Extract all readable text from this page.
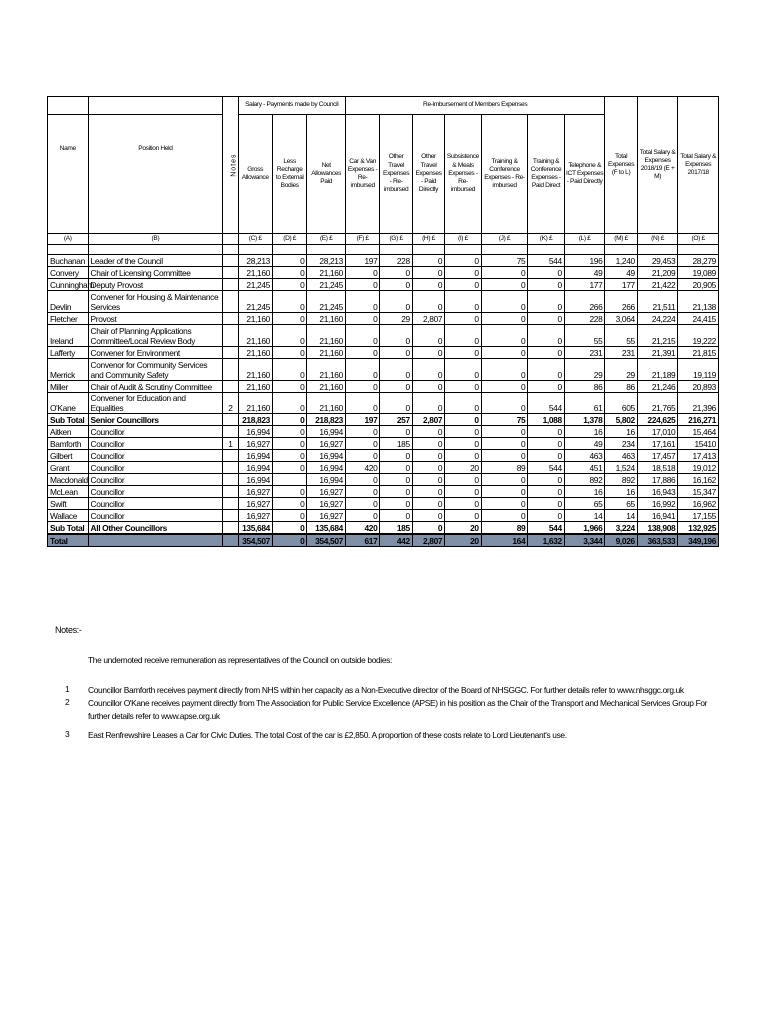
		Notes	Salary - Payments made by Council			Re-imbursement of Members Expenses							Total Expenses (F to L)	Total Salary & Expenses 2018/19 (E + M)	Total Salary & Expenses 2017/18
Name	Position Held		Gross Allowance	Less Recharge to External Bodies	Net Allowances Paid	Car & Van Expenses - Re-imbursed	Other Travel Expenses - Re-imbursed	Other Travel Expenses - Paid Directly	Subsistence & Meals Expenses - Re-imbursed	Training & Conference Expenses - Re-imbursed	Training & Conference Expenses - Paid Direct	Telephone & ICT Expenses - Paid Directly			
(A)	(B)		(C) £	(D) £	(E) £	(F) £	(G) £	(H) £	(I) £	(J) £	(K) £	(L) £	(M) £	(N) £	(O) £

Buchanan	Leader of the Council		28,213	0	28,213	197	228	0	0	75	544	196	1,240	29,453	28,279
Convery	Chair of Licensing Committee		21,160	0	21,160	0	0	0	0	0	0	49	49	21,209	19,089
Cunningham	Deputy Provost		21,245	0	21,245	0	0	0	0	0	0	177	177	21,422	20,905
Devlin	Convener for Housing & Maintenance Services		21,245	0	21,245	0	0	0	0	0	0	266	266	21,511	21,138
Fletcher	Provost		21,160	0	21,160	0	29	2,807	0	0	0	228	3,064	24,224	24,415
Ireland	Chair of Planning Applications Committee/Local Review Body		21,160	0	21,160	0	0	0	0	0	0	55	55	21,215	19,222
Lafferty	Convener for Environment		21,160	0	21,160	0	0	0	0	0	0	231	231	21,391	21,815
Merrick	Convenor for Community Services and Community Safety		21,160	0	21,160	0	0	0	0	0	0	29	29	21,189	19,119
Miller	Chair of Audit & Scrutiny Committee		21,160	0	21,160	0	0	0	0	0	0	86	86	21,246	20,893
O'Kane	Convener for Education and Equalities	2	21,160	0	21,160	0	0	0	0	0	544	61	605	21,765	21,396
Sub Total	Senior Councillors		218,823	0	218,823	197	257	2,807	0	75	1,088	1,378	5,802	224,625	216,271
Aitken	Councillor		16,994	0	16,994	0	0	0	0	0	0	16	16	17,010	15,464
Bamforth	Councillor	1	16,927	0	16,927	0	185	0	0	0	0	49	234	17,161	15410
Gilbert	Councillor		16,994	0	16,994	0	0	0	0	0	0	463	463	17,457	17,413
Grant	Councillor		16,994	0	16,994	420	0	0	20	89	544	451	1,524	18,518	19,012
Macdonald	Councillor		16,994		16,994	0	0	0	0	0	0	892	892	17,886	16,162
McLean	Councillor		16,927	0	16,927	0	0	0	0	0	0	16	16	16,943	15,347
Swift	Councillor		16,927	0	16,927	0	0	0	0	0	0	65	65	16,992	16,962
Wallace	Councillor		16,927	0	16,927	0	0	0	0	0	0	14	14	16,941	17,155
Sub Total	All Other Councillors		135,684	0	135,684	420	185	0	20	89	544	1,966	3,224	138,908	132,925
Total			354,507	0	354,507	617	442	2,807	20	164	1,632	3,344	9,026	363,533	349,196
Notes:-
The undernoted receive remuneration as representatives of the Council on outside bodies:
1 Councillor Bamforth receives payment directly from NHS within her capacity as a Non-Executive director of the Board of NHSGGC. For further details refer to www.nhsggc.org.uk
2 Councillor O'Kane receives payment directly from The Association for Public Service Excellence (APSE) in his position as the Chair of the Transport and Mechanical Services Group For further details refer to www.apse.org.uk
3 East Renfrewshire Leases a Car for Civic Duties. The total Cost of the car is £2,850. A proportion of these costs relate to Lord Lieutenant's use.
